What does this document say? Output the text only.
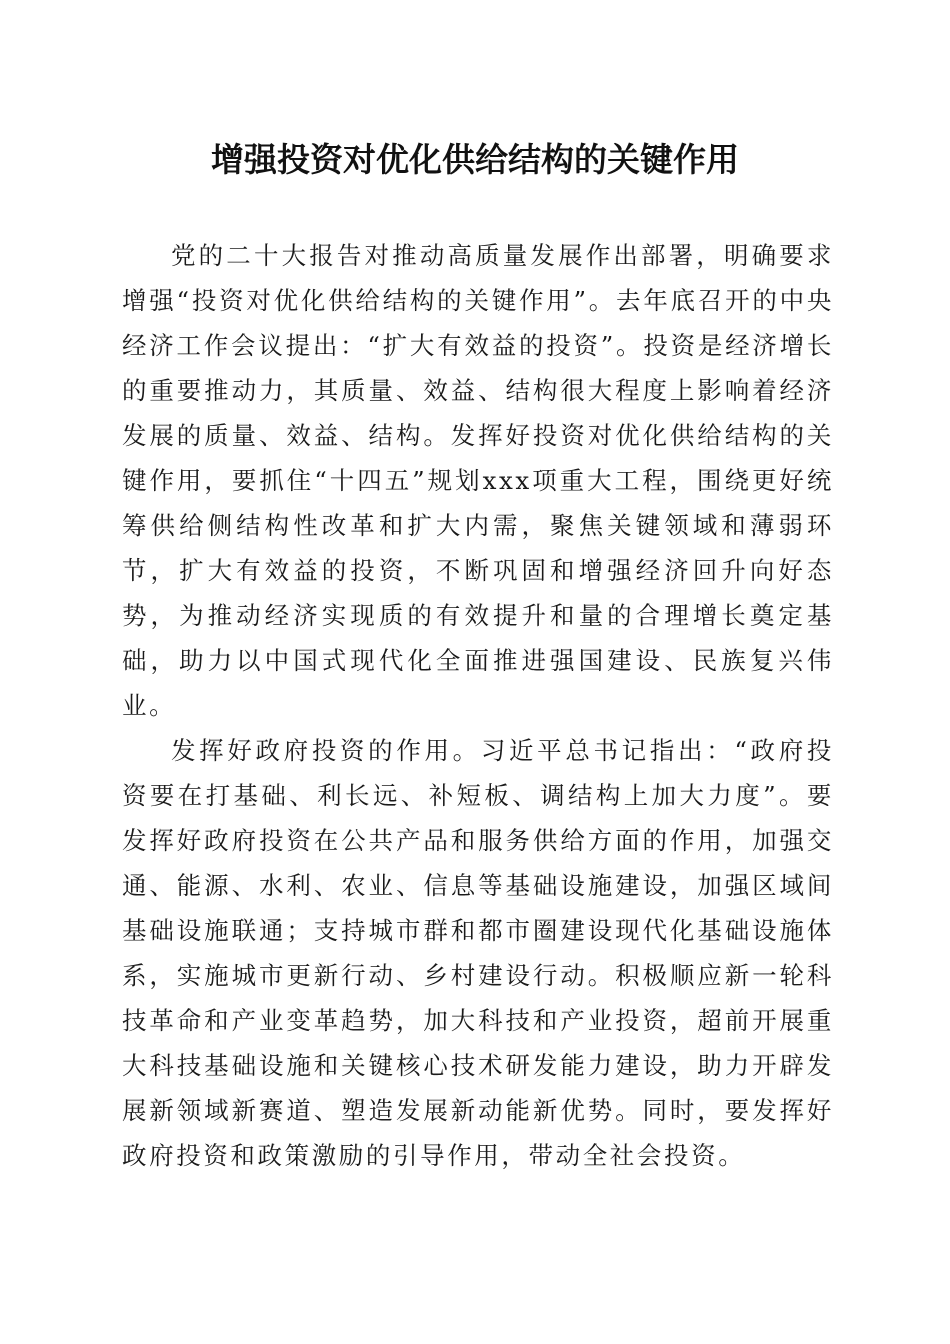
增强投资对优化供给结构的关键作用

党的二十大报告对推动高质量发展作出部署，明确要求增强“投资对优化供给结构的关键作用”。去年底召开的中央经济工作会议提出：“扩大有效益的投资”。投资是经济增长的重要推动力，其质量、效益、结构很大程度上影响着经济发展的质量、效益、结构。发挥好投资对优化供给结构的关键作用，要抓住“十四五”规划xxx项重大工程，围绕更好统筹供给侧结构性改革和扩大内需，聚焦关键领域和薄弱环节，扩大有效益的投资，不断巩固和增强经济回升向好态势，为推动经济实现质的有效提升和量的合理增长奠定基础，助力以中国式现代化全面推进强国建设、民族复兴伟业。

发挥好政府投资的作用。习近平总书记指出：“政府投资要在打基础、利长远、补短板、调结构上加大力度”。要发挥好政府投资在公共产品和服务供给方面的作用，加强交通、能源、水利、农业、信息等基础设施建设，加强区域间基础设施联通；支持城市群和都市圈建设现代化基础设施体系，实施城市更新行动、乡村建设行动。积极顺应新一轮科技革命和产业变革趋势，加大科技和产业投资，超前开展重大科技基础设施和关键核心技术研发能力建设，助力开辟发展新领域新赛道、塑造发展新动能新优势。同时，要发挥好政府投资和政策激励的引导作用，带动全社会投资。
